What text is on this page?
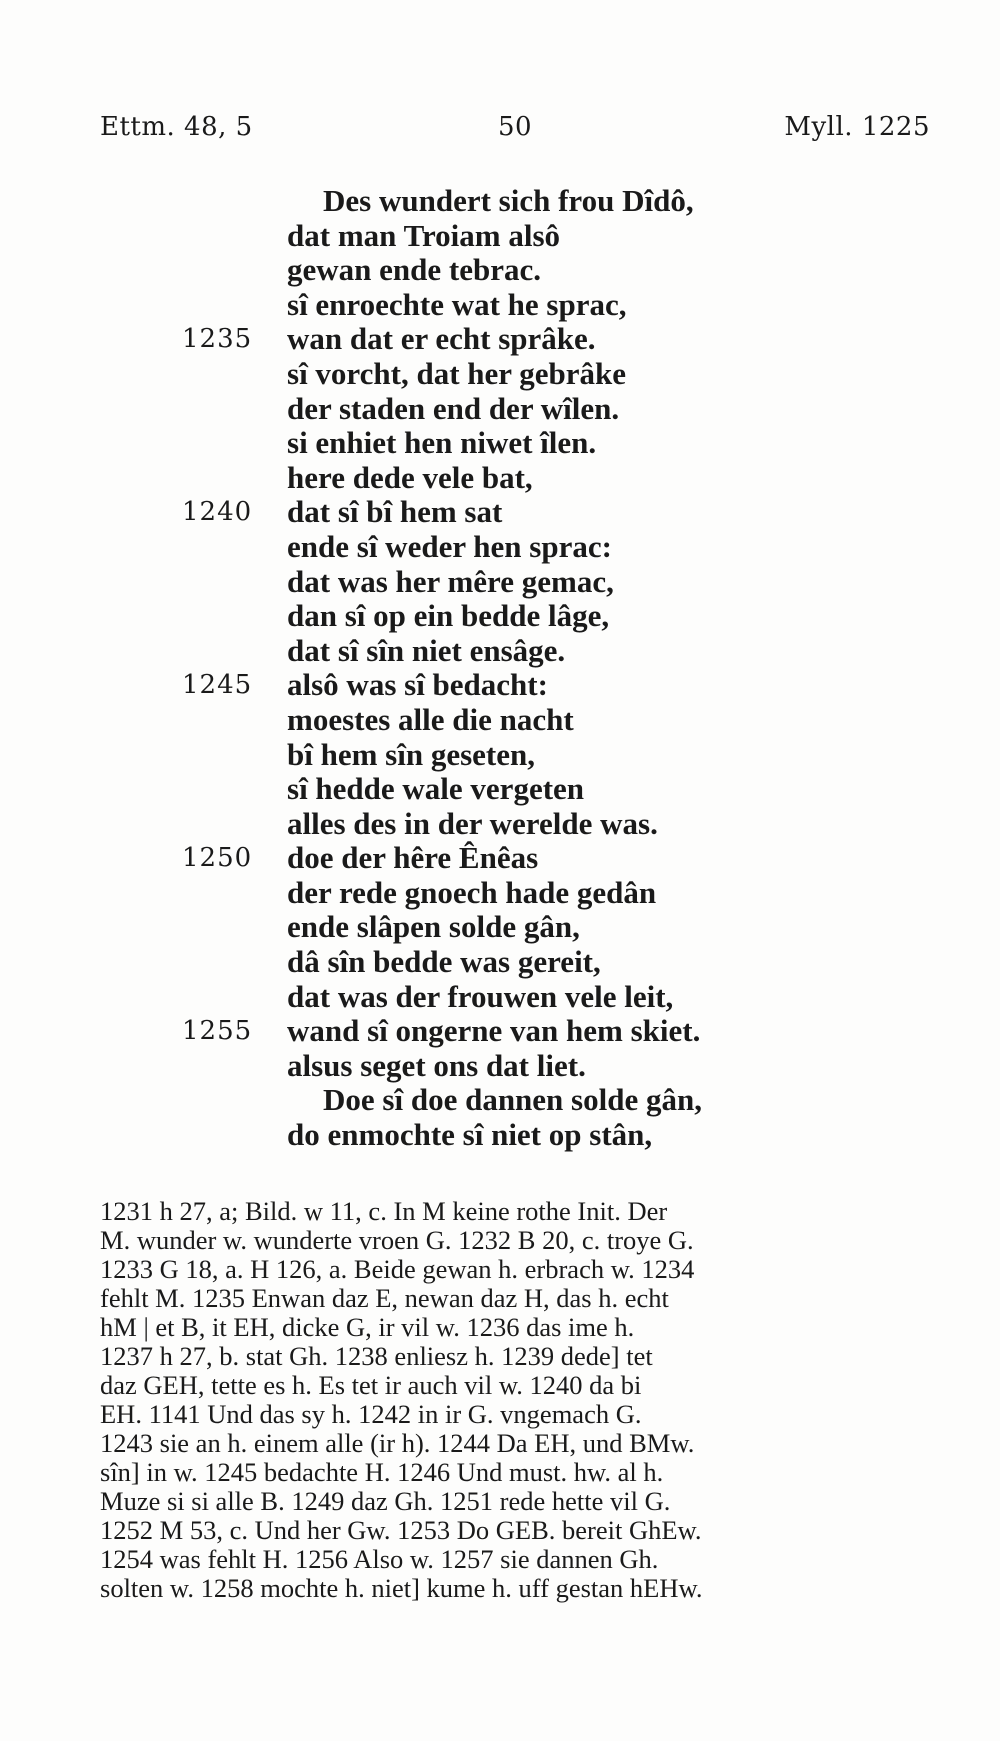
Ettm. 48, 5	50	Myll. 1225
Des wundert sich frou Dîdô,
dat man Troiam alsô
gewan ende tebrac.
sî enroechte wat he sprac,
1235 wan dat er echt sprâke.
sî vorcht, dat her gebrâke
der staden end der wîlen.
si enhiet hen niwet îlen.
here dede vele bat,
1240 dat sî bî hem sat
ende sî weder hen sprac:
dat was her mêre gemac,
dan sî op ein bedde lâge,
dat sî sîn niet ensâge.
1245 alsô was sî bedacht:
moestes alle die nacht
bî hem sîn geseten,
sî hedde wale vergeten
alles des in der werelde was.
1250 doe der hêre Ênêas
der rede gnoech hade gedân
ende slâpen solde gân,
dâ sîn bedde was gereit,
dat was der frouwen vele leit,
1255 wand sî ongerne van hem skiet.
alsus seget ons dat liet.
Doe sî doe dannen solde gân,
do enmochte sî niet op stân,
1231 h 27, a; Bild. w 11, c. In M keine rothe Init. Der
M. wunder w. wunderte vroen G. 1232 B 20, c. troye G.
1233 G 18, a. H 126, a. Beide gewan h. erbrach w. 1234
fehlt M. 1235 Enwan daz E, newan daz H, das h. echt
hM | et B, it EH, dicke G, ir vil w. 1236 das ime h.
1237 h 27, b. stat Gh. 1238 enliesz h. 1239 dede] tet
daz GEH, tette es h. Es tet ir auch vil w. 1240 da bi
EH. 1141 Und das sy h. 1242 in ir G. vngemach G.
1243 sie an h. einem alle (ir h). 1244 Da EH, und BMw.
sîn] in w. 1245 bedachte H. 1246 Und must. hw. al h.
Muze si si alle B. 1249 daz Gh. 1251 rede hette vil G.
1252 M 53, c. Und her Gw. 1253 Do GEB. bereit GhEw.
1254 was fehlt H. 1256 Also w. 1257 sie dannen Gh.
solten w. 1258 mochte h. niet] kume h. uff gestan hEHw.
